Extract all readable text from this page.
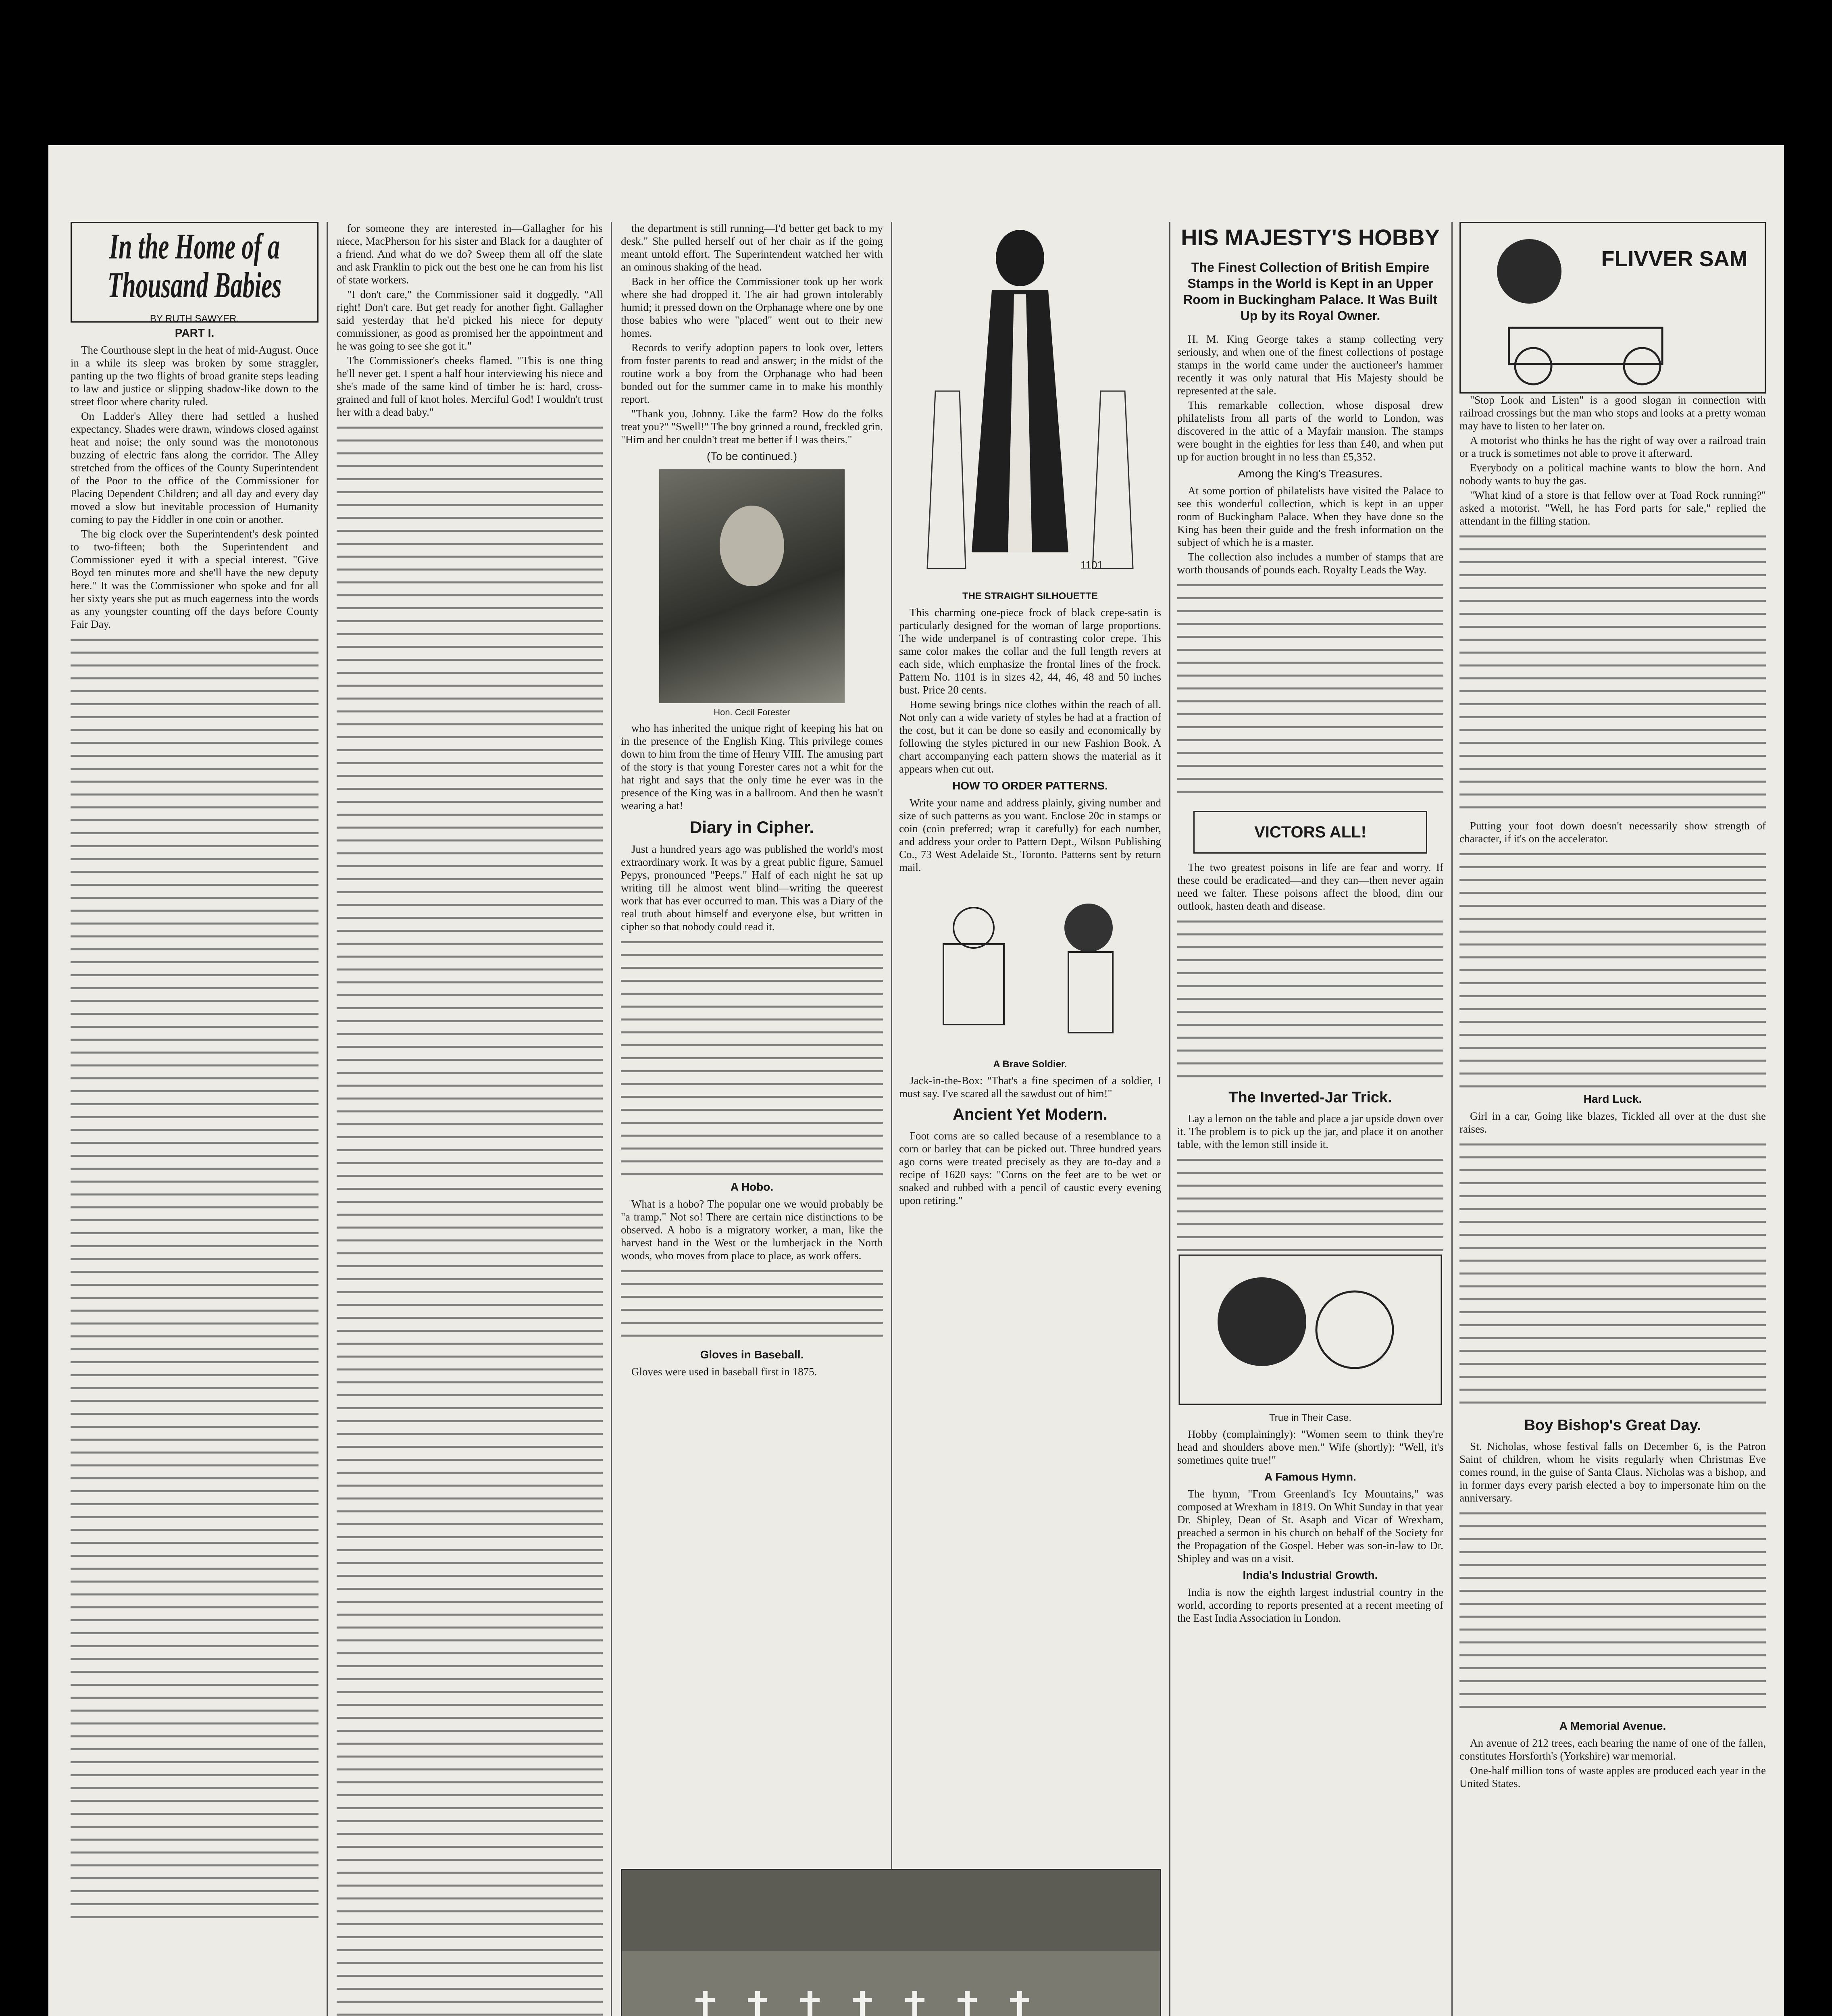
In the Home of a Thousand Babies
BY RUTH SAWYER.
PART I.

The Courthouse slept in the heat of mid-August. Once in a while its sleep was broken by some straggler, panting up the two flights of broad granite steps leading to law and justice or slipping shadow-like down to the street floor where charity ruled.

On Ladder's Alley there had settled a hushed expectancy. Shades were drawn, windows closed against heat and noise; the only sound was the monotonous buzzing of electric fans along the corridor. The Alley stretched from the offices of the County Superintendent of the Poor to the office of the Commissioner for Placing Dependent Children; and all day and every day moved a slow but inevitable procession of Humanity coming to pay the Fiddler in one coin or another.

The big clock over the Superintendent's desk pointed to two-fifteen; both the Superintendent and Commissioner eyed it with a special interest. "Give Boyd ten minutes more and she'll have the new deputy here." It was the Commissioner who spoke and for all her sixty years she put as much eagerness into the words as any youngster counting off the days before County Fair Day.

for someone they are interested in—Gallagher for his niece, MacPherson for his sister and Black for a daughter of a friend. And what do we do? Sweep them all off the slate and ask Franklin to pick out the best one he can from his list of state workers.

"I don't care," the Commissioner said it doggedly. "All right! Don't care. But get ready for another fight. Gallagher said yesterday that he'd picked his niece for deputy commissioner, as good as promised her the appointment and he was going to see she got it."

The Commissioner's cheeks flamed. "This is one thing he'll never get. I spent a half hour interviewing his niece and she's made of the same kind of timber he is: hard, cross-grained and full of knot holes. Merciful God! I wouldn't trust her with a dead baby."

the department is still running—I'd better get back to my desk." She pulled herself out of her chair as if the going meant untold effort. The Superintendent watched her with an ominous shaking of the head.

Back in her office the Commissioner took up her work where she had dropped it. The air had grown intolerably humid; it pressed down on the Orphanage where one by one those babies who were "placed" went out to their new homes.

Records to verify adoption papers to look over, letters from foster parents to read and answer; in the midst of the routine work a boy from the Orphanage who had been bonded out for the summer came in to make his monthly report.

"Thank you, Johnny. Like the farm? How do the folks treat you?" "Swell!" The boy grinned a round, freckled grin. "Him and her couldn't treat me better if I was theirs."

(To be continued.)
Hon. Cecil Forester

who has inherited the unique right of keeping his hat on in the presence of the English King. This privilege comes down to him from the time of Henry VIII. The amusing part of the story is that young Forester cares not a whit for the hat right and says that the only time he ever was in the presence of the King was in a ballroom. And then he wasn't wearing a hat!

Diary in Cipher.

Just a hundred years ago was published the world's most extraordinary work. It was by a great public figure, Samuel Pepys, pronounced "Peeps." Half of each night he sat up writing till he almost went blind—writing the queerest work that has ever occurred to man. This was a Diary of the real truth about himself and everyone else, but written in cipher so that nobody could read it.

A Hobo.

What is a hobo? The popular one we would probably be "a tramp." Not so! There are certain nice distinctions to be observed. A hobo is a migratory worker, a man, like the harvest hand in the West or the lumberjack in the North woods, who moves from place to place, as work offers.

Gloves in Baseball.

Gloves were used in baseball first in 1875.

1101
THE STRAIGHT SILHOUETTE

This charming one-piece frock of black crepe-satin is particularly designed for the woman of large proportions. The wide underpanel is of contrasting color crepe. This same color makes the collar and the full length revers at each side, which emphasize the frontal lines of the frock. Pattern No. 1101 is in sizes 42, 44, 46, 48 and 50 inches bust. Price 20 cents.

Home sewing brings nice clothes within the reach of all. Not only can a wide variety of styles be had at a fraction of the cost, but it can be done so easily and economically by following the styles pictured in our new Fashion Book. A chart accompanying each pattern shows the material as it appears when cut out.

HOW TO ORDER PATTERNS.

Write your name and address plainly, giving number and size of such patterns as you want. Enclose 20c in stamps or coin (coin preferred; wrap it carefully) for each number, and address your order to Pattern Dept., Wilson Publishing Co., 73 West Adelaide St., Toronto. Patterns sent by return mail.

A Brave Soldier.

Jack-in-the-Box: "That's a fine specimen of a soldier, I must say. I've scared all the sawdust out of him!"

Ancient Yet Modern.

Foot corns are so called because of a resemblance to a corn or barley that can be picked out. Three hundred years ago corns were treated precisely as they are to-day and a recipe of 1620 says: "Corns on the feet are to be wet or soaked and rubbed with a pencil of caustic every evening upon retiring."

HIS MAJESTY'S HOBBY
The Finest Collection of British Empire Stamps in the World is Kept in an Upper Room in Buckingham Palace. It Was Built Up by its Royal Owner.

H. M. King George takes a stamp collecting very seriously, and when one of the finest collections of postage stamps in the world came under the auctioneer's hammer recently it was only natural that His Majesty should be represented at the sale.

This remarkable collection, whose disposal drew philatelists from all parts of the world to London, was discovered in the attic of a Mayfair mansion. The stamps were bought in the eighties for less than £40, and when put up for auction brought in no less than £5,352.

Among the King's Treasures.

At some portion of philatelists have visited the Palace to see this wonderful collection, which is kept in an upper room of Buckingham Palace. When they have done so the King has been their guide and the fresh information on the subject of which he is a master.

The collection also includes a number of stamps that are worth thousands of pounds each. Royalty Leads the Way.

VICTORS ALL!

The two greatest poisons in life are fear and worry. If these could be eradicated—and they can—then never again need we falter. These poisons affect the blood, dim our outlook, hasten death and disease.

The Inverted-Jar Trick.

Lay a lemon on the table and place a jar upside down over it. The problem is to pick up the jar, and place it on another table, with the lemon still inside it.

True in Their Case.

Hobby (complainingly): "Women seem to think they're head and shoulders above men." Wife (shortly): "Well, it's sometimes quite true!"

A Famous Hymn.

The hymn, "From Greenland's Icy Mountains," was composed at Wrexham in 1819. On Whit Sunday in that year Dr. Shipley, Dean of St. Asaph and Vicar of Wrexham, preached a sermon in his church on behalf of the Society for the Propagation of the Gospel. Heber was son-in-law to Dr. Shipley and was on a visit.

India's Industrial Growth.

India is now the eighth largest industrial country in the world, according to reports presented at a recent meeting of the East India Association in London.

FLIVVER SAM

"Stop Look and Listen" is a good slogan in connection with railroad crossings but the man who stops and looks at a pretty woman may have to listen to her later on.

A motorist who thinks he has the right of way over a railroad train or a truck is sometimes not able to prove it afterward.

Everybody on a political machine wants to blow the horn. And nobody wants to buy the gas.

"What kind of a store is that fellow over at Toad Rock running?" asked a motorist. "Well, he has Ford parts for sale," replied the attendant in the filling station.

Putting your foot down doesn't necessarily show strength of character, if it's on the accelerator.

Hard Luck.

Girl in a car, Going like blazes, Tickled all over at the dust she raises.

Boy Bishop's Great Day.

St. Nicholas, whose festival falls on December 6, is the Patron Saint of children, whom he visits regularly when Christmas Eve comes round, in the guise of Santa Claus. Nicholas was a bishop, and in former days every parish elected a boy to impersonate him on the anniversary.

A Memorial Avenue.

An avenue of 212 trees, each bearing the name of one of the fallen, constitutes Horsforth's (Yorkshire) war memorial.

One-half million tons of waste apples are produced each year in the United States.
